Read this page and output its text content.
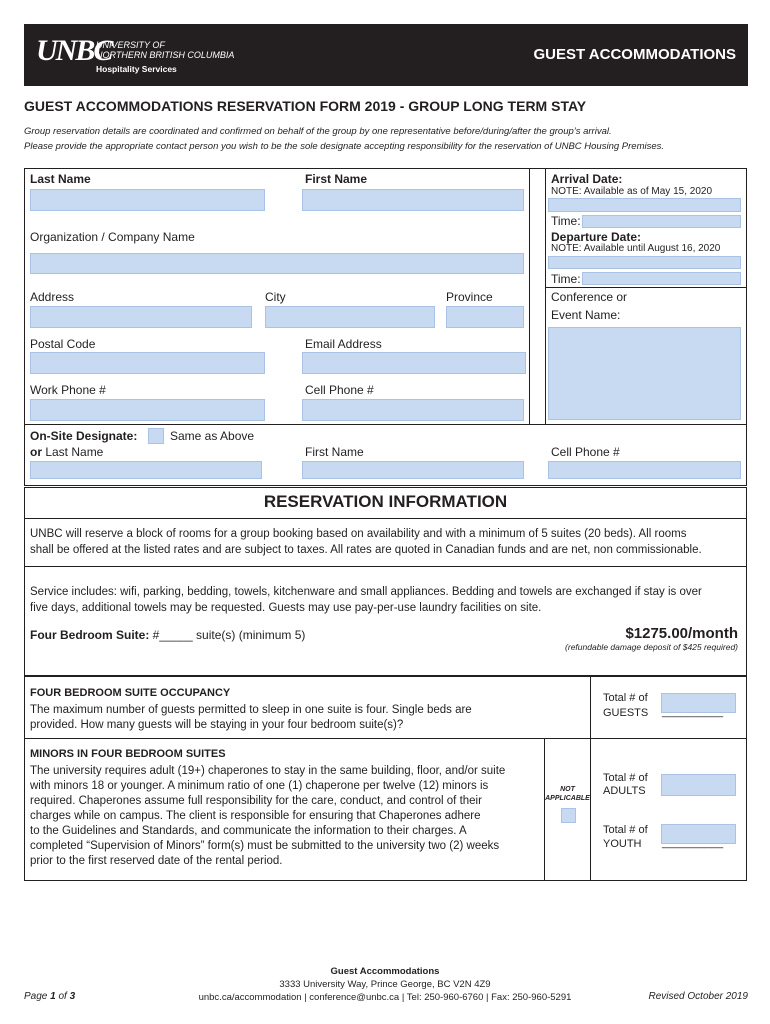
UNBC
UNIVERSITY OF
NORTHERN BRITISH COLUMBIA
Hospitality Services
GUEST ACCOMMODATIONS
GUEST ACCOMMODATIONS RESERVATION FORM 2019 - GROUP LONG TERM STAY
Group reservation details are coordinated and confirmed on behalf of the group by one representative before/during/after the group’s arrival.
Please provide the appropriate contact person you wish to be the sole designate accepting responsibility for the reservation of UNBC Housing Premises.
Last Name	First Name	Arrival Date:
NOTE: Available as of May 15, 2020
Time:
Organization / Company Name	Departure Date:
NOTE: Available until August 16, 2020
Time:
Address	City	Province	Conference or
Event Name:
Postal Code	Email Address
Work Phone #	Cell Phone #
On-Site Designate:	Same as Above
or Last Name	First Name	Cell Phone #
RESERVATION INFORMATION
UNBC will reserve a block of rooms for a group booking based on availability and with a minimum of 5 suites (20 beds). All rooms
shall be offered at the listed rates and are subject to taxes. All rates are quoted in Canadian funds and are net, non commissionable.
Service includes: wifi, parking, bedding, towels, kitchenware and small appliances. Bedding and towels are exchanged if stay is over
five days, additional towels may be requested. Guests may use pay-per-use laundry facilities on site.
Four Bedroom Suite: #_____ suite(s) (minimum 5)	$1275.00/month
(refundable damage deposit of $425 required)
FOUR BEDROOM SUITE OCCUPANCY
The maximum number of guests permitted to sleep in one suite is four. Single beds are
provided. How many guests will be staying in your four bedroom suite(s)?
Total # of
GUESTS __________
MINORS IN FOUR BEDROOM SUITES
The university requires adult (19+) chaperones to stay in the same building, floor, and/or suite
with minors 18 or younger. A minimum ratio of one (1) chaperone per twelve (12) minors is
required. Chaperones assume full responsibility for the care, conduct, and control of their
charges while on campus. The client is responsible for ensuring that Chaperones adhere
to the Guidelines and Standards, and communicate the information to their charges. A
completed “Supervision of Minors” form(s) must be submitted to the university two (2) weeks
prior to the first reserved date of the rental period.
NOT
APPLICABLE
Total # of
ADULTS
Total # of
YOUTH __________
Page 1 of 3
Guest Accommodations
3333 University Way, Prince George, BC V2N 4Z9
unbc.ca/accommodation | conference@unbc.ca | Tel: 250-960-6760 | Fax: 250-960-5291	Revised October 2019
